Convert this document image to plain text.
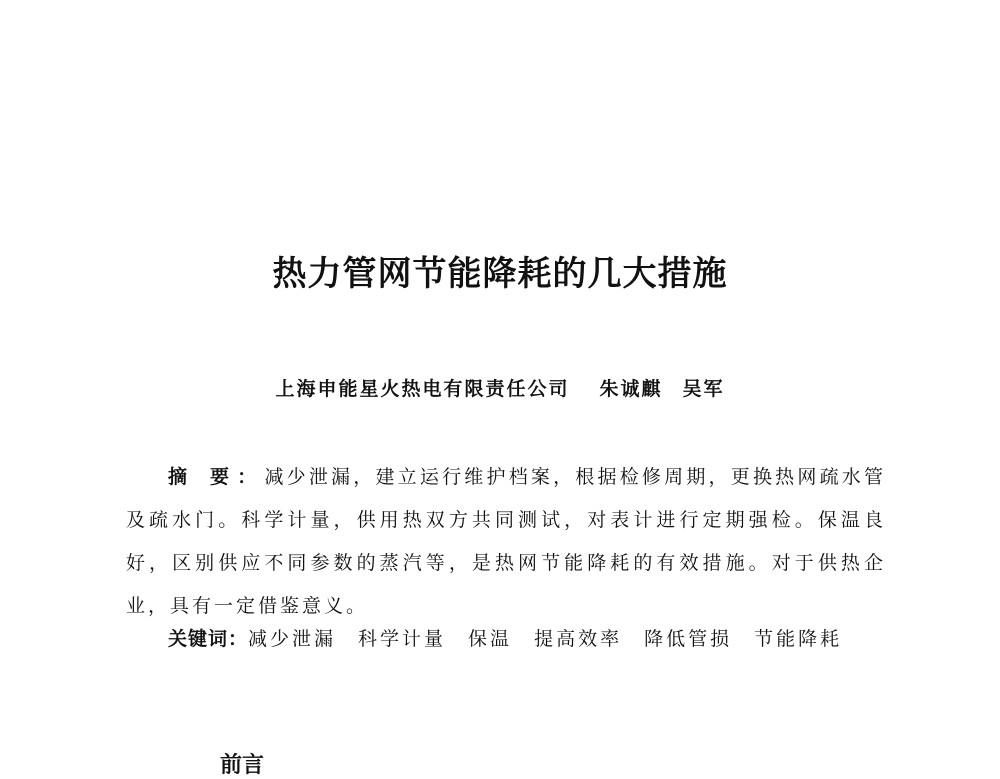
热力管网节能降耗的几大措施
上海申能星火热电有限责任公司 朱诚麒 吴军
摘 要：减少泄漏，建立运行维护档案，根据检修周期，更换热网疏水管及疏水门。科学计量，供用热双方共同测试，对表计进行定期强检。保温良好，区别供应不同参数的蒸汽等，是热网节能降耗的有效措施。对于供热企业，具有一定借鉴意义。
关键词：减少泄漏 科学计量 保温 提高效率 降低管损 节能降耗
前言
